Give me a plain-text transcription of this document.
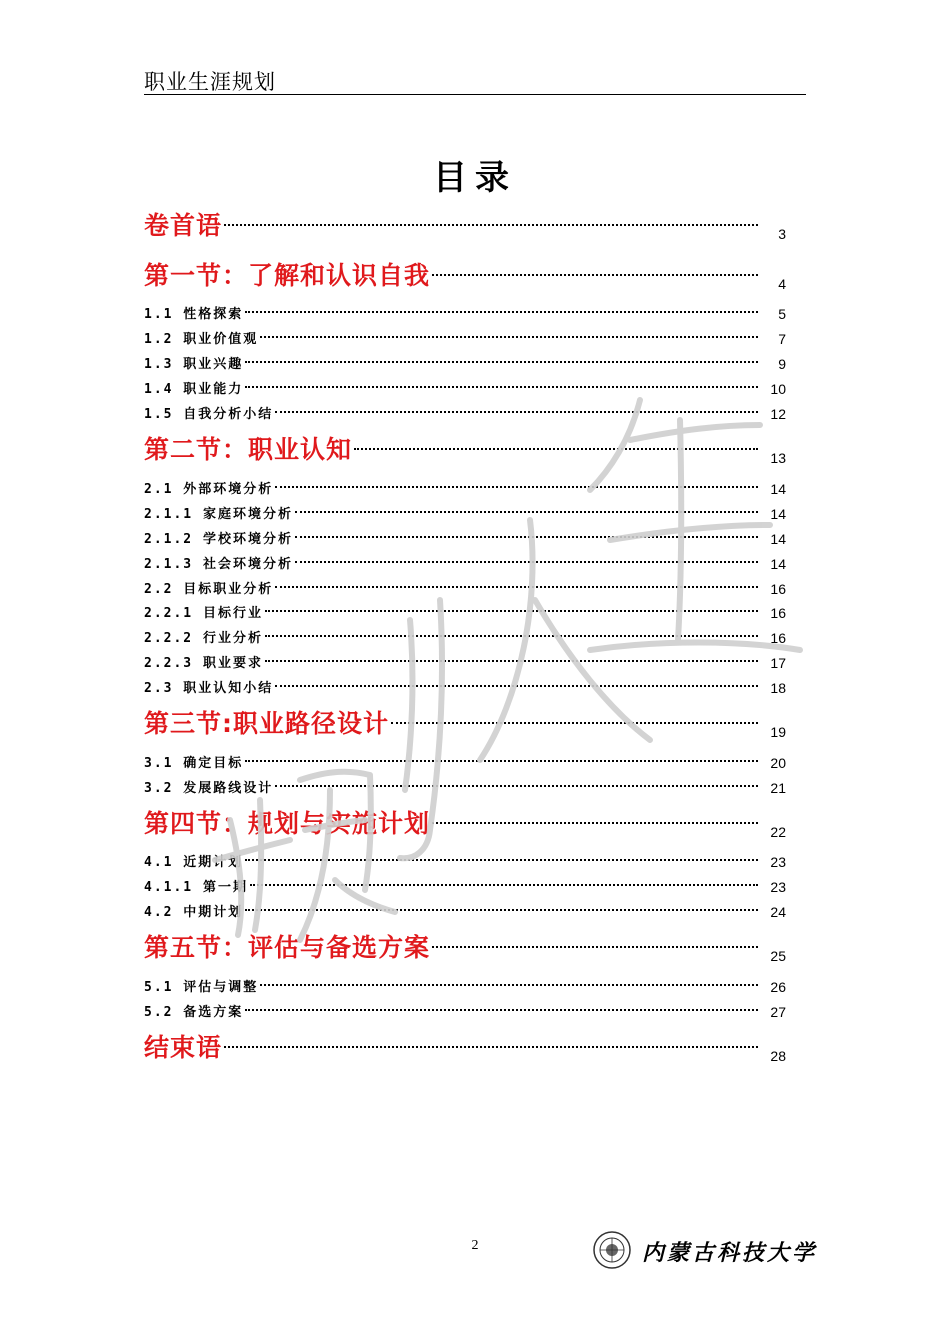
职业生涯规划
目录
卷首语	3
第一节：了解和认识自我	4
1.1 性格探索	5
1.2 职业价值观	7
1.3 职业兴趣	9
1.4 职业能力	10
1.5 自我分析小结	12
第二节：职业认知	13
2.1 外部环境分析	14
2.1.1 家庭环境分析	14
2.1.2 学校环境分析	14
2.1.3 社会环境分析	14
2.2 目标职业分析	16
2.2.1 目标行业	16
2.2.2 行业分析	16
2.2.3 职业要求	17
2.3 职业认知小结	18
第三节:职业路径设计	19
3.1 确定目标	20
3.2 发展路线设计	21
第四节：规划与实施计划	22
4.1 近期计划	23
4.1.1 第一期	23
4.2 中期计划	24
第五节：评估与备选方案	25
5.1 评估与调整	26
5.2 备选方案	27
结束语	28
2	内蒙古科技大学
